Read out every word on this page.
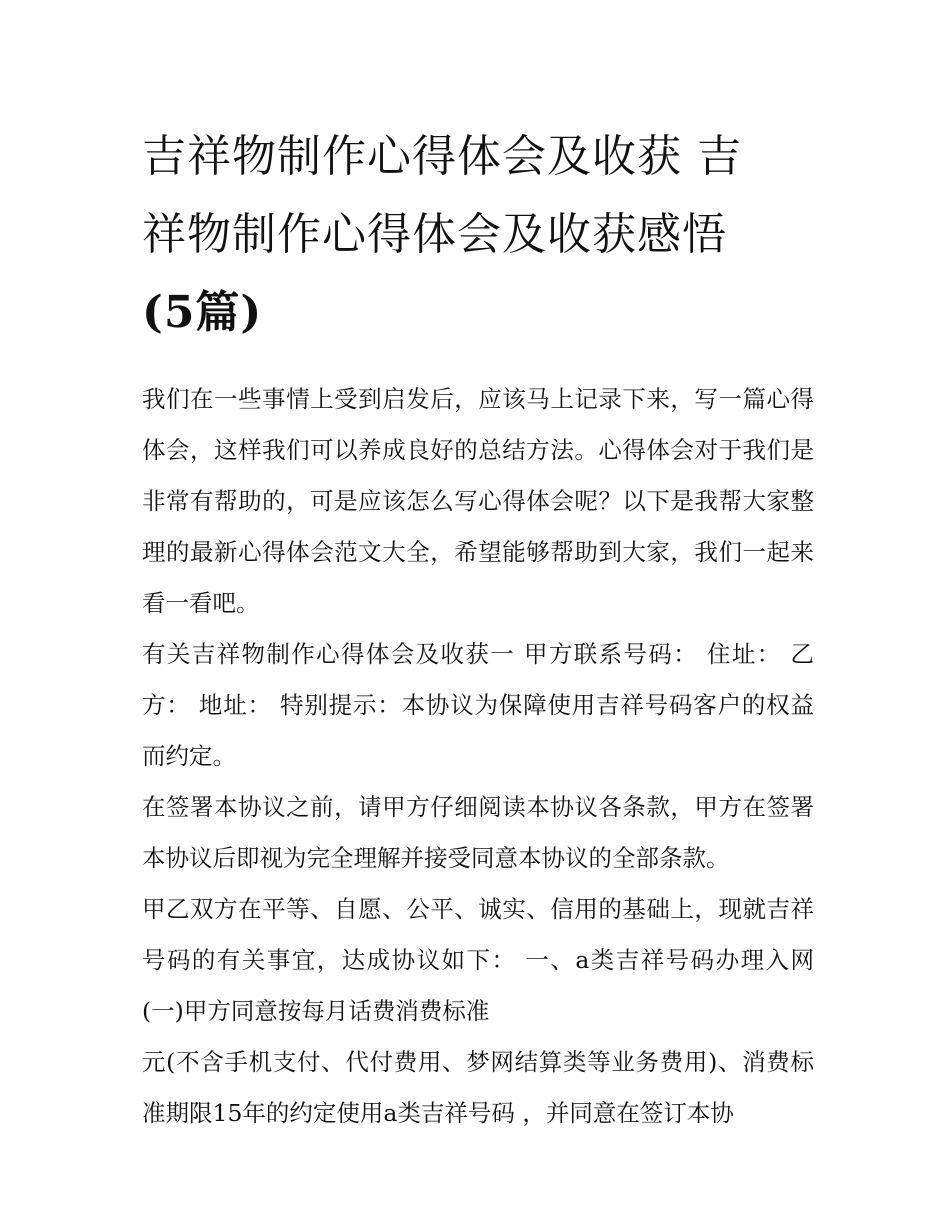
吉祥物制作心得体会及收获 吉
祥物制作心得体会及收获感悟
(5篇)

我们在一些事情上受到启发后，应该马上记录下来，写一篇心得体会，这样我们可以养成良好的总结方法。心得体会对于我们是非常有帮助的，可是应该怎么写心得体会呢？以下是我帮大家整理的最新心得体会范文大全，希望能够帮助到大家，我们一起来看一看吧。

有关吉祥物制作心得体会及收获一 甲方联系号码： 住址： 乙方： 地址： 特别提示：本协议为保障使用吉祥号码客户的权益而约定。

在签署本协议之前，请甲方仔细阅读本协议各条款，甲方在签署本协议后即视为完全理解并接受同意本协议的全部条款。

甲乙双方在平等、自愿、公平、诚实、信用的基础上，现就吉祥号码的有关事宜，达成协议如下： 一、a类吉祥号码办理入网 (一)甲方同意按每月话费消费标准

元(不含手机支付、代付费用、梦网结算类等业务费用)、消费标准期限15年的约定使用a类吉祥号码 ，并同意在签订本协
